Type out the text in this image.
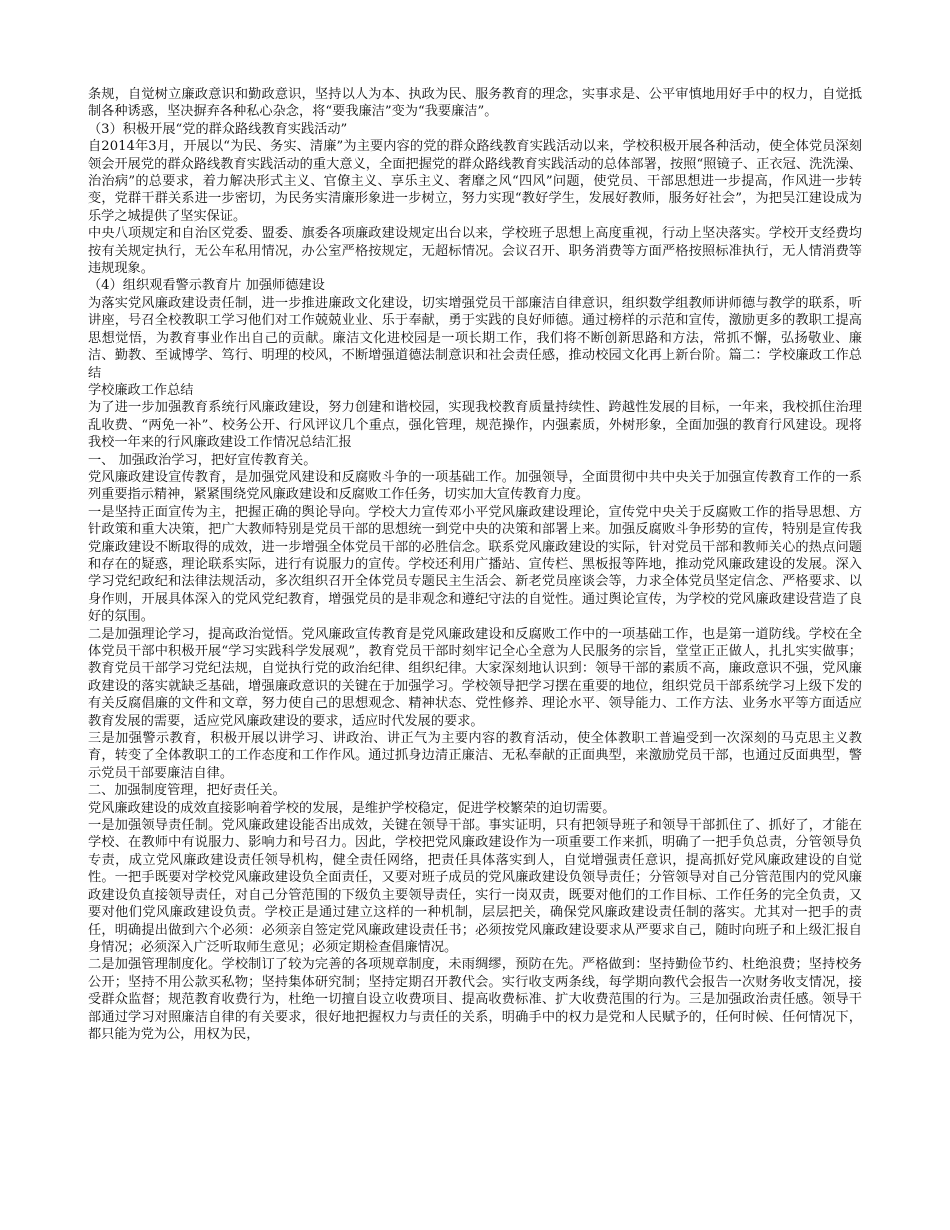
条规，自觉树立廉政意识和勤政意识，坚持以人为本、执政为民、服务教育的理念，实事求是、公平审慎地用好手中的权力，自觉抵制各种诱惑，坚决摒弃各种私心杂念，将“要我廉洁”变为“我要廉洁”。

（3）积极开展“党的群众路线教育实践活动”

自2014年3月，开展以“为民、务实、清廉”为主要内容的党的群众路线教育实践活动以来，学校积极开展各种活动，使全体党员深刻领会开展党的群众路线教育实践活动的重大意义，全面把握党的群众路线教育实践活动的总体部署，按照“照镜子、正衣冠、洗洗澡、治治病”的总要求，着力解决形式主义、官僚主义、享乐主义、奢靡之风“四风”问题，使党员、干部思想进一步提高，作风进一步转变，党群干群关系进一步密切，为民务实清廉形象进一步树立，努力实现“教好学生，发展好教师，服务好社会”，为把吴江建设成为乐学之城提供了坚实保证。

中央八项规定和自治区党委、盟委、旗委各项廉政建设规定出台以来，学校班子思想上高度重视，行动上坚决落实。学校开支经费均按有关规定执行，无公车私用情况，办公室严格按规定，无超标情况。会议召开、职务消费等方面严格按照标准执行，无人情消费等违规现象。

（4）组织观看警示教育片 加强师德建设

为落实党风廉政建设责任制，进一步推进廉政文化建设，切实增强党员干部廉洁自律意识，组织数学组教师讲师德与教学的联系，听讲座，号召全校教职工学习他们对工作兢兢业业、乐于奉献，勇于实践的良好师德。通过榜样的示范和宣传，激励更多的教职工提高思想觉悟，为教育事业作出自己的贡献。廉洁文化进校园是一项长期工作，我们将不断创新思路和方法，常抓不懈，弘扬敬业、廉洁、勤教、至诚博学、笃行、明理的校风，不断增强道德法制意识和社会责任感，推动校园文化再上新台阶。篇二：学校廉政工作总结

学校廉政工作总结

为了进一步加强教育系统行风廉政建设，努力创建和谐校园，实现我校教育质量持续性、跨越性发展的目标，一年来，我校抓住治理乱收费、“两免一补”、校务公开、行风评议几个重点，强化管理，规范操作，内强素质，外树形象，全面加强的教育行风建设。现将我校一年来的行风廉政建设工作情况总结汇报

一、 加强政治学习，把好宣传教育关。

党风廉政建设宣传教育，是加强党风建设和反腐败斗争的一项基础工作。加强领导，全面贯彻中共中央关于加强宣传教育工作的一系列重要指示精神，紧紧围绕党风廉政建设和反腐败工作任务，切实加大宣传教育力度。

一是坚持正面宣传为主，把握正确的舆论导向。学校大力宣传邓小平党风廉政建设理论，宣传党中央关于反腐败工作的指导思想、方针政策和重大决策，把广大教师特别是党员干部的思想统一到党中央的决策和部署上来。加强反腐败斗争形势的宣传，特别是宣传我党廉政建设不断取得的成效，进一步增强全体党员干部的必胜信念。联系党风廉政建设的实际，针对党员干部和教师关心的热点问题和存在的疑惑，理论联系实际，进行有说服力的宣传。学校还利用广播站、宣传栏、黑板报等阵地，推动党风廉政建设的发展。深入学习党纪政纪和法律法规活动，多次组织召开全体党员专题民主生活会、新老党员座谈会等，力求全体党员坚定信念、严格要求、以身作则，开展具体深入的党风党纪教育，增强党员的是非观念和遵纪守法的自觉性。通过舆论宣传，为学校的党风廉政建设营造了良好的氛围。

二是加强理论学习，提高政治觉悟。党风廉政宣传教育是党风廉政建设和反腐败工作中的一项基础工作，也是第一道防线。学校在全体党员干部中积极开展“学习实践科学发展观”，教育党员干部时刻牢记全心全意为人民服务的宗旨，堂堂正正做人，扎扎实实做事；教育党员干部学习党纪法规，自觉执行党的政治纪律、组织纪律。大家深刻地认识到：领导干部的素质不高，廉政意识不强，党风廉政建设的落实就缺乏基础，增强廉政意识的关键在于加强学习。学校领导把学习摆在重要的地位，组织党员干部系统学习上级下发的有关反腐倡廉的文件和文章，努力使自己的思想观念、精神状态、党性修养、理论水平、领导能力、工作方法、业务水平等方面适应教育发展的需要，适应党风廉政建设的要求，适应时代发展的要求。

三是加强警示教育，积极开展以讲学习、讲政治、讲正气为主要内容的教育活动，使全体教职工普遍受到一次深刻的马克思主义教育，转变了全体教职工的工作态度和工作作风。通过抓身边清正廉洁、无私奉献的正面典型，来激励党员干部，也通过反面典型，警示党员干部要廉洁自律。

二、加强制度管理，把好责任关。

党风廉政建设的成效直接影响着学校的发展，是维护学校稳定，促进学校繁荣的迫切需要。

一是加强领导责任制。党风廉政建设能否出成效，关键在领导干部。事实证明，只有把领导班子和领导干部抓住了、抓好了，才能在学校、在教师中有说服力、影响力和号召力。因此，学校把党风廉政建设作为一项重要工作来抓，明确了一把手负总责，分管领导负专责，成立党风廉政建设责任领导机构，健全责任网络，把责任具体落实到人，自觉增强责任意识，提高抓好党风廉政建设的自觉性。一把手既要对学校党风廉政建设负全面责任，又要对班子成员的党风廉政建设负领导责任；分管领导对自己分管范围内的党风廉政建设负直接领导责任，对自己分管范围的下级负主要领导责任，实行一岗双责，既要对他们的工作目标、工作任务的完全负责，又要对他们党风廉政建设负责。学校正是通过建立这样的一种机制，层层把关，确保党风廉政建设责任制的落实。尤其对一把手的责任，明确提出做到六个必须：必须亲自签定党风廉政建设责任书；必须按党风廉政建设要求从严要求自己，随时向班子和上级汇报自身情况；必须深入广泛听取师生意见；必须定期检查倡廉情况。

二是加强管理制度化。学校制订了较为完善的各项规章制度，未雨绸缪，预防在先。严格做到：坚持勤俭节约、杜绝浪费；坚持校务公开；坚持不用公款买私物；坚持集体研究制；坚持定期召开教代会。实行收支两条线，每学期向教代会报告一次财务收支情况，接受群众监督；规范教育收费行为，杜绝一切擅自设立收费项目、提高收费标准、扩大收费范围的行为。三是加强政治责任感。领导干部通过学习对照廉洁自律的有关要求，很好地把握权力与责任的关系，明确手中的权力是党和人民赋予的，任何时候、任何情况下，都只能为党为公，用权为民，
